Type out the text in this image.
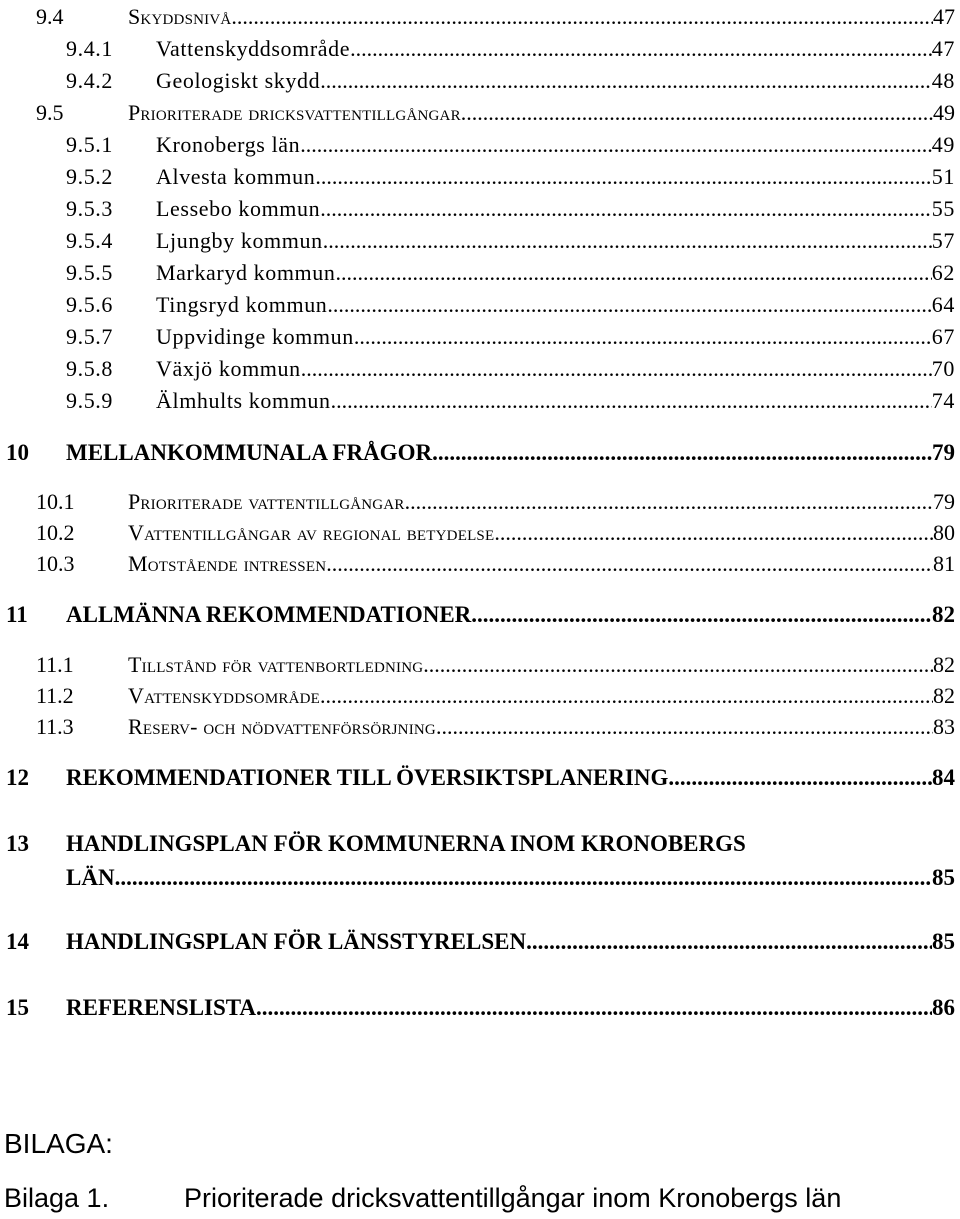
9.4	Skyddsnivå .....	47
9.4.1 Vattenskyddsområde .....	47
9.4.2 Geologiskt skydd .....	48
9.5	Prioriterade dricksvattentillgångar .....	49
9.5.1 Kronobergs län .....	49
9.5.2 Alvesta kommun .....	51
9.5.3 Lessebo kommun .....	55
9.5.4 Ljungby kommun .....	57
9.5.5 Markaryd kommun .....	62
9.5.6 Tingsryd kommun .....	64
9.5.7 Uppvidinge kommun .....	67
9.5.8 Växjö kommun .....	70
9.5.9 Älmhults kommun .....	74
10 MELLANKOMMUNALA FRÅGOR .....	79
10.1 Prioriterade vattentillgångar .....	79
10.2 Vattentillgångar av regional betydelse .....	80
10.3 Motstående intressen .....	81
11 ALLMÄNNA REKOMMENDATIONER .....	82
11.1 Tillstånd för vattenbortledning .....	82
11.2 Vattenskyddsområde .....	82
11.3 Reserv- och nödvattenförsörjning .....	83
12 REKOMMENDATIONER TILL ÖVERSIKTSPLANERING .....	84
13 HANDLINGSPLAN FÖR KOMMUNERNA INOM KRONOBERGS
LÄN .....	85
14 HANDLINGSPLAN FÖR LÄNSSTYRELSEN .....	85
15 REFERENSLISTA .....	86
BILAGA:
Bilaga 1.	Prioriterade dricksvattentillgångar inom Kronobergs län
